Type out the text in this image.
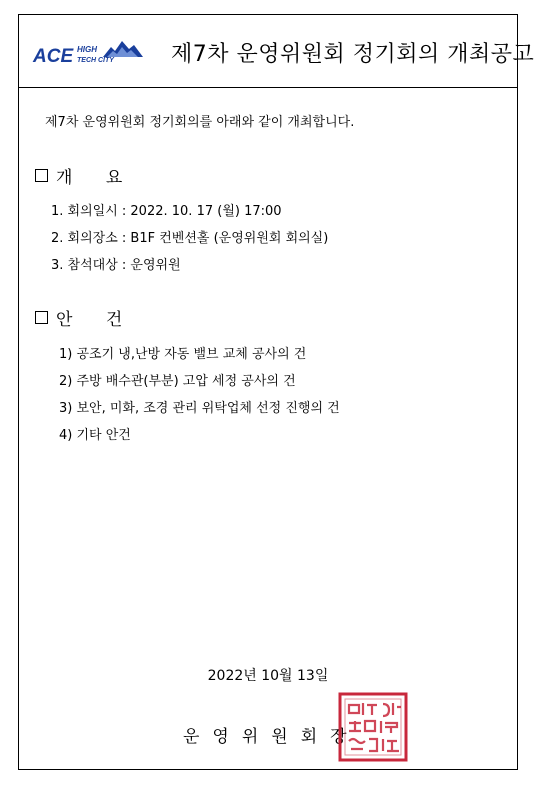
ACE HIGH
TECH CITY	제7차 운영위원회 정기회의 개최공고
제7차 운영위원회 정기회의를 아래와 같이 개최합니다.
개 요
1. 회의일시 : 2022. 10. 17 (월) 17:00
2. 회의장소 : B1F 컨벤션홀 (운영위원회 회의실)
3. 참석대상 : 운영위원
안 건
1) 공조기 냉,난방 자동 밸브 교체 공사의 건
2) 주방 배수관(부분) 고압 세정 공사의 건
3) 보안, 미화, 조경 관리 위탁업체 선정 진행의 건
4) 기타 안건
2022년 10월 13일
운영위원회장
